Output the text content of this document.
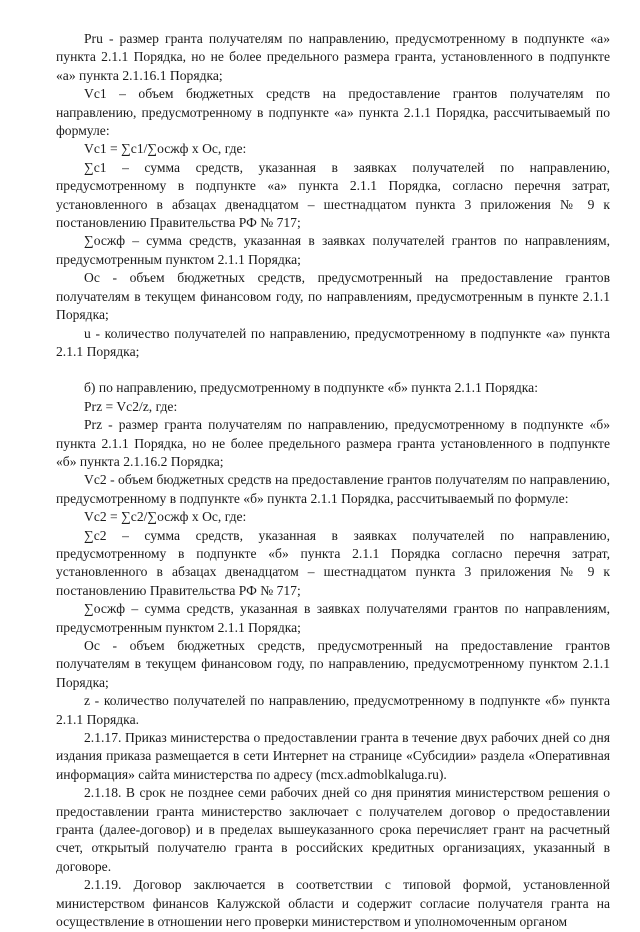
Pru - размер гранта получателям по направлению, предусмотренному в подпункте «а» пункта 2.1.1 Порядка, но не более предельного размера гранта, установленного в подпункте «а» пункта 2.1.16.1 Порядка;

Vc1 – объем бюджетных средств на предоставление грантов получателям по направлению, предусмотренному в подпункте «а» пункта 2.1.1 Порядка, рассчитываемый по формуле:

Vc1 = ∑c1/∑осжф x Oc, где:

∑c1 – сумма средств, указанная в заявках получателей по направлению, предусмотренному в подпункте «а» пункта 2.1.1 Порядка, согласно перечня затрат, установленного в абзацах двенадцатом – шестнадцатом пункта 3 приложения № 9 к постановлению Правительства РФ № 717;

∑осжф – сумма средств, указанная в заявках получателей грантов по направлениям, предусмотренным пунктом 2.1.1 Порядка;

Oc - объем бюджетных средств, предусмотренный на предоставление грантов получателям в текущем финансовом году, по направлениям, предусмотренным в пункте 2.1.1 Порядка;

u - количество получателей по направлению, предусмотренному в подпункте «а» пункта 2.1.1 Порядка;

б) по направлению, предусмотренному в подпункте «б» пункта 2.1.1 Порядка:

Prz = Vc2/z, где:

Prz - размер гранта получателям по направлению, предусмотренному в подпункте «б» пункта 2.1.1 Порядка, но не более предельного размера гранта установленного в подпункте «б» пункта 2.1.16.2 Порядка;

Vc2 - объем бюджетных средств на предоставление грантов получателям по направлению, предусмотренному в подпункте «б» пункта 2.1.1 Порядка, рассчитываемый по формуле:

Vc2 = ∑c2/∑осжф x Oc, где:

∑c2 – сумма средств, указанная в заявках получателей по направлению, предусмотренному в подпункте «б» пункта 2.1.1 Порядка согласно перечня затрат, установленного в абзацах двенадцатом – шестнадцатом пункта 3 приложения № 9 к постановлению Правительства РФ № 717;

∑осжф – сумма средств, указанная в заявках получателями грантов по направлениям, предусмотренным пунктом 2.1.1 Порядка;

Oc - объем бюджетных средств, предусмотренный на предоставление грантов получателям в текущем финансовом году, по направлению, предусмотренному пунктом 2.1.1 Порядка;

z - количество получателей по направлению, предусмотренному в подпункте «б» пункта 2.1.1 Порядка.

2.1.17. Приказ министерства о предоставлении гранта в течение двух рабочих дней со дня издания приказа размещается в сети Интернет на странице «Субсидии» раздела «Оперативная информация» сайта министерства по адресу (mcx.admoblkaluga.ru).

2.1.18. В срок не позднее семи рабочих дней со дня принятия министерством решения о предоставлении гранта министерство заключает с получателем договор о предоставлении гранта (далее-договор) и в пределах вышеуказанного срока перечисляет грант на расчетный счет, открытый получателю гранта в российских кредитных организациях, указанный в договоре.

2.1.19. Договор заключается в соответствии с типовой формой, установленной министерством финансов Калужской области и содержит согласие получателя гранта на осуществление в отношении него проверки министерством и уполномоченным органом
